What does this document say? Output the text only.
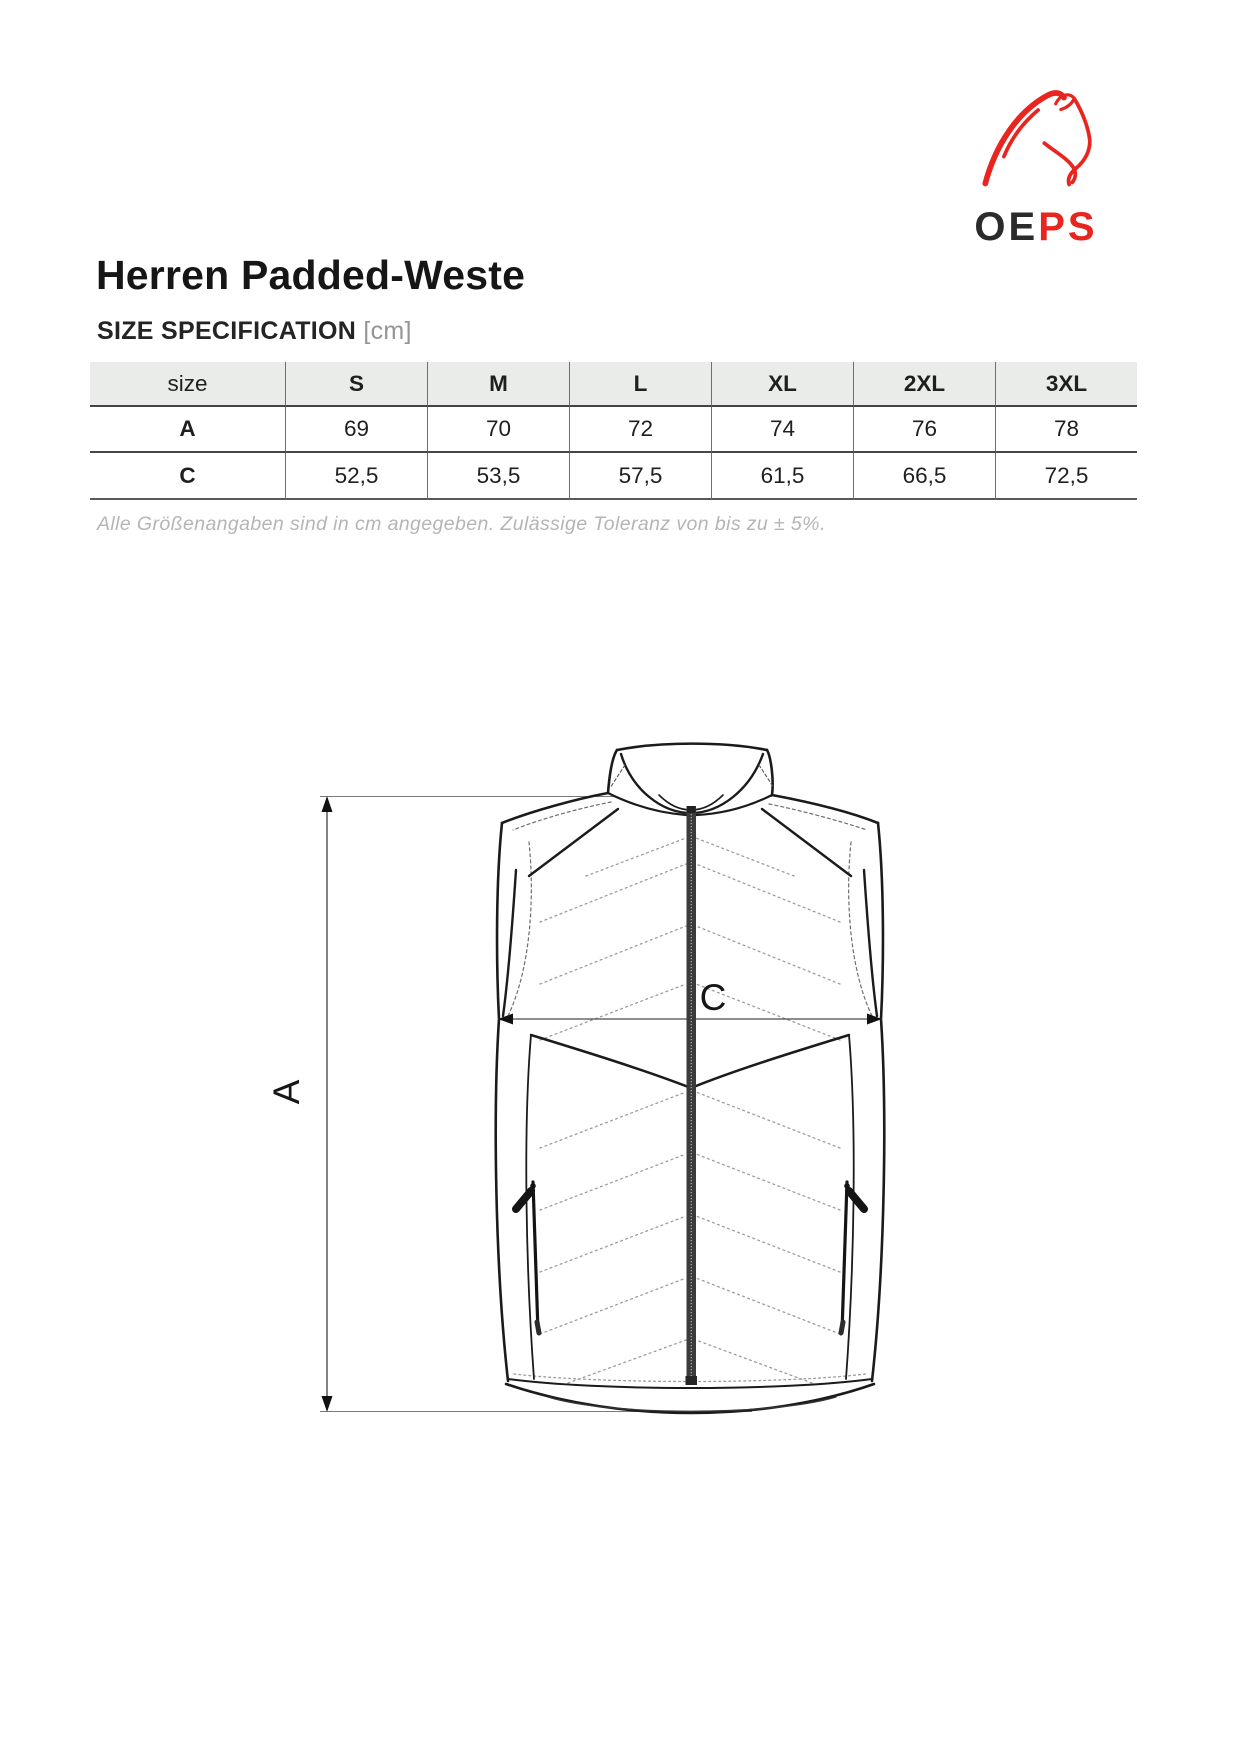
OEPS
Herren Padded-Weste
SIZE SPECIFICATION [cm]
size	S	M	L	XL	2XL	3XL
A	69	70	72	74	76	78
C	52,5	53,5	57,5	61,5	66,5	72,5
Alle Größenangaben sind in cm angegeben. Zulässige Toleranz von bis zu ± 5%.
A
C
